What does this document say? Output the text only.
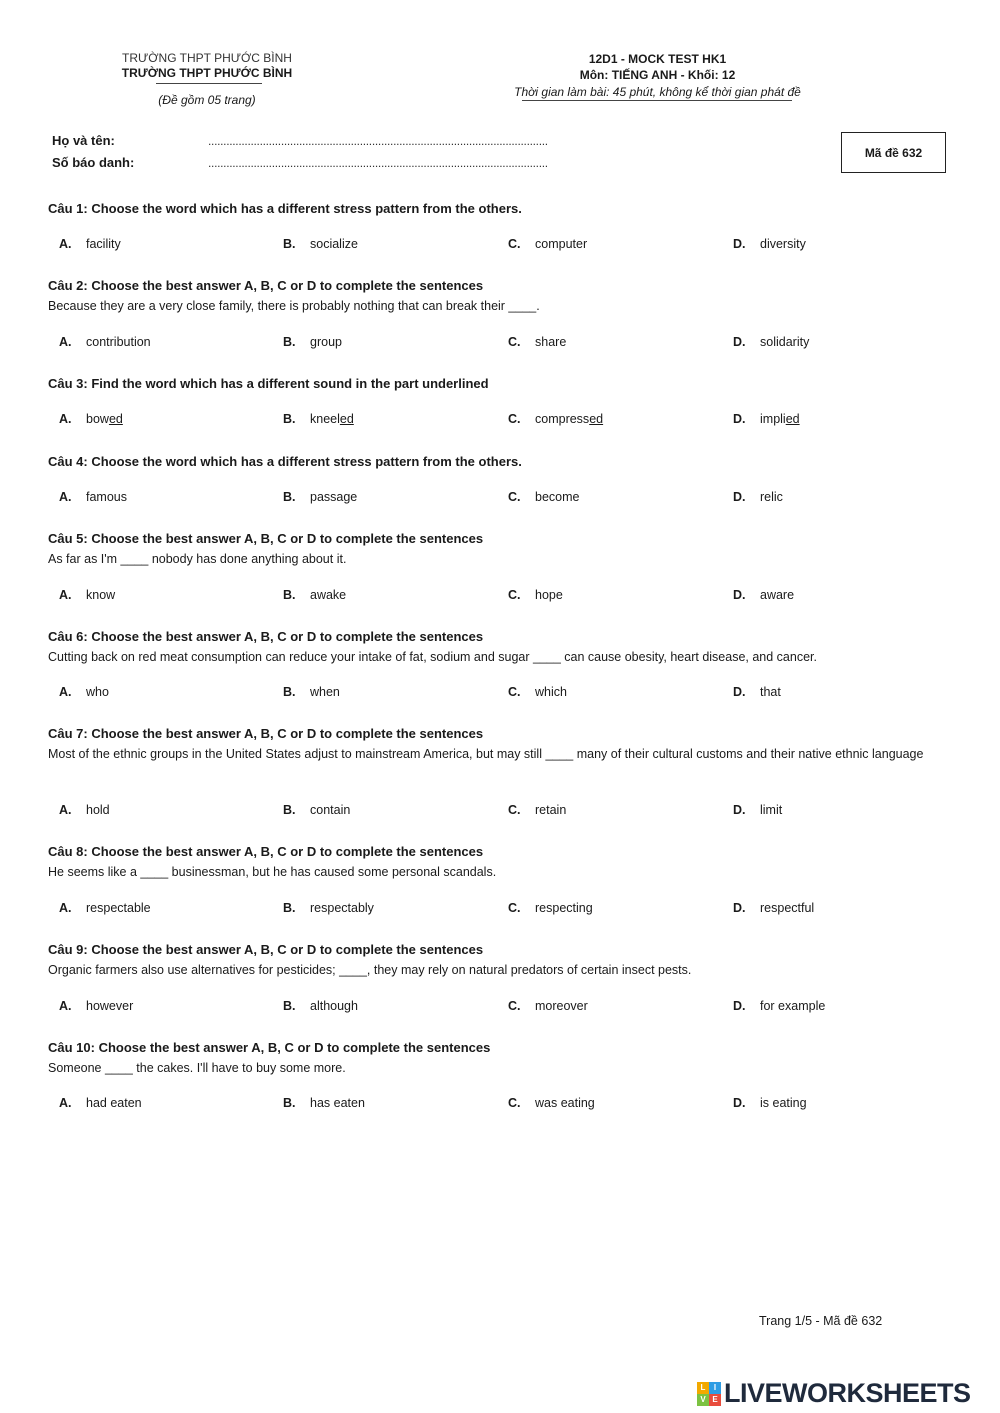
TRƯỜNG THPT PHƯỚC BÌNH
TRƯỜNG THPT PHƯỚC BÌNH
(Đề gồm 05 trang)
12D1 - MOCK TEST HK1
Môn: TIẾNG ANH - Khối: 12
Thời gian làm bài: 45 phút, không kể thời gian phát đề
Họ và tên:	................................................................................................................
Số báo danh:	................................................................................................................
Mã đề 632
Câu 1: Choose the word which has a different stress pattern from the others.
A. facility	B. socialize	C. computer	D. diversity
Câu 2: Choose the best answer A, B, C or D to complete the sentences
Because they are a very close family, there is probably nothing that can break their ____.
A. contribution	B. group	C. share	D. solidarity
Câu 3: Find the word which has a different sound in the part underlined
A. bowed	B. kneeled	C. compressed	D. implied
Câu 4: Choose the word which has a different stress pattern from the others.
A. famous	B. passage	C. become	D. relic
Câu 5: Choose the best answer A, B, C or D to complete the sentences
As far as I'm ____ nobody has done anything about it.
A. know	B. awake	C. hope	D. aware
Câu 6: Choose the best answer A, B, C or D to complete the sentences
Cutting back on red meat consumption can reduce your intake of fat, sodium and sugar ____ can cause obesity, heart disease, and cancer.
A. who	B. when	C. which	D. that
Câu 7: Choose the best answer A, B, C or D to complete the sentences
Most of the ethnic groups in the United States adjust to mainstream America, but may still ____ many of their cultural customs and their native ethnic language
A. hold	B. contain	C. retain	D. limit
Câu 8: Choose the best answer A, B, C or D to complete the sentences
He seems like a ____ businessman, but he has caused some personal scandals.
A. respectable	B. respectably	C. respecting	D. respectful
Câu 9: Choose the best answer A, B, C or D to complete the sentences
Organic farmers also use alternatives for pesticides; ____, they may rely on natural predators of certain insect pests.
A. however	B. although	C. moreover	D. for example
Câu 10: Choose the best answer A, B, C or D to complete the sentences
Someone ____ the cakes. I'll have to buy some more.
A. had eaten	B. has eaten	C. was eating	D. is eating
Trang 1/5 - Mã đề 632
L	I
V E LIVEWORKSHEETS
